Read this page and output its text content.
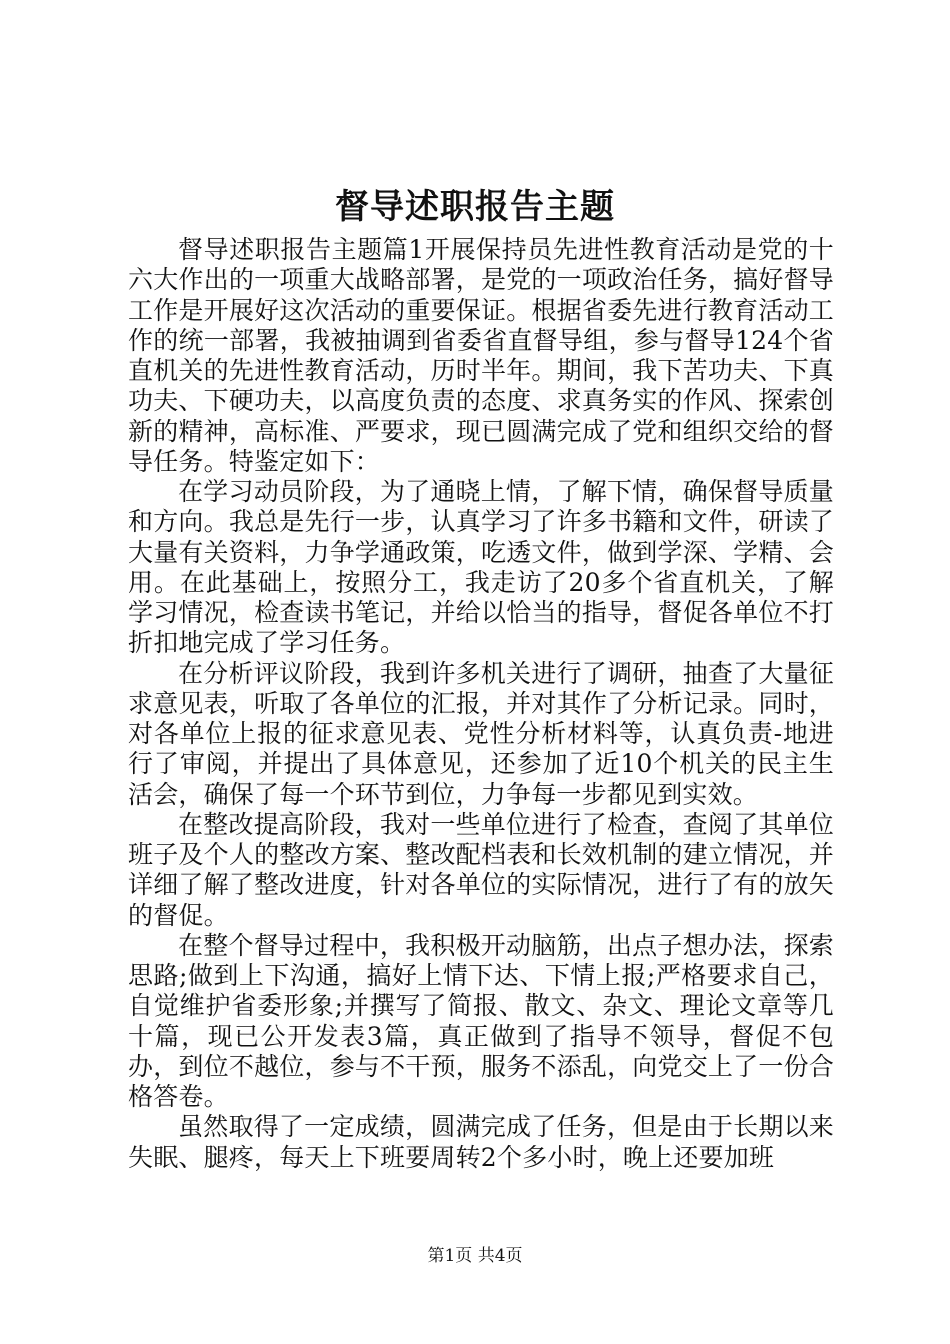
督导述职报告主题

督导述职报告主题篇1开展保持员先进性教育活动是党的十六大作出的一项重大战略部署，是党的一项政治任务，搞好督导工作是开展好这次活动的重要保证。根据省委先进行教育活动工作的统一部署，我被抽调到省委省直督导组，参与督导124个省直机关的先进性教育活动，历时半年。期间，我下苦功夫、下真功夫、下硬功夫，以高度负责的态度、求真务实的作风、探索创新的精神，高标准、严要求，现已圆满完成了党和组织交给的督导任务。特鉴定如下：

在学习动员阶段，为了通晓上情，了解下情，确保督导质量和方向。我总是先行一步，认真学习了许多书籍和文件，研读了大量有关资料，力争学通政策，吃透文件，做到学深、学精、会用。在此基础上，按照分工，我走访了20多个省直机关，了解学习情况，检查读书笔记，并给以恰当的指导，督促各单位不打折扣地完成了学习任务。

在分析评议阶段，我到许多机关进行了调研，抽查了大量征求意见表，听取了各单位的汇报，并对其作了分析记录。同时，对各单位上报的征求意见表、党性分析材料等，认真负责-地进行了审阅，并提出了具体意见，还参加了近10个机关的民主生活会，确保了每一个环节到位，力争每一步都见到实效。

在整改提高阶段，我对一些单位进行了检查，查阅了其单位班子及个人的整改方案、整改配档表和长效机制的建立情况，并详细了解了整改进度，针对各单位的实际情况，进行了有的放矢的督促。

在整个督导过程中，我积极开动脑筋，出点子想办法，探索思路;做到上下沟通，搞好上情下达、下情上报;严格要求自己，自觉维护省委形象;并撰写了简报、散文、杂文、理论文章等几十篇，现已公开发表3篇，真正做到了指导不领导，督促不包办，到位不越位，参与不干预，服务不添乱，向党交上了一份合格答卷。

虽然取得了一定成绩，圆满完成了任务，但是由于长期以来失眠、腿疼，每天上下班要周转2个多小时，晚上还要加班

第1页 共4页
